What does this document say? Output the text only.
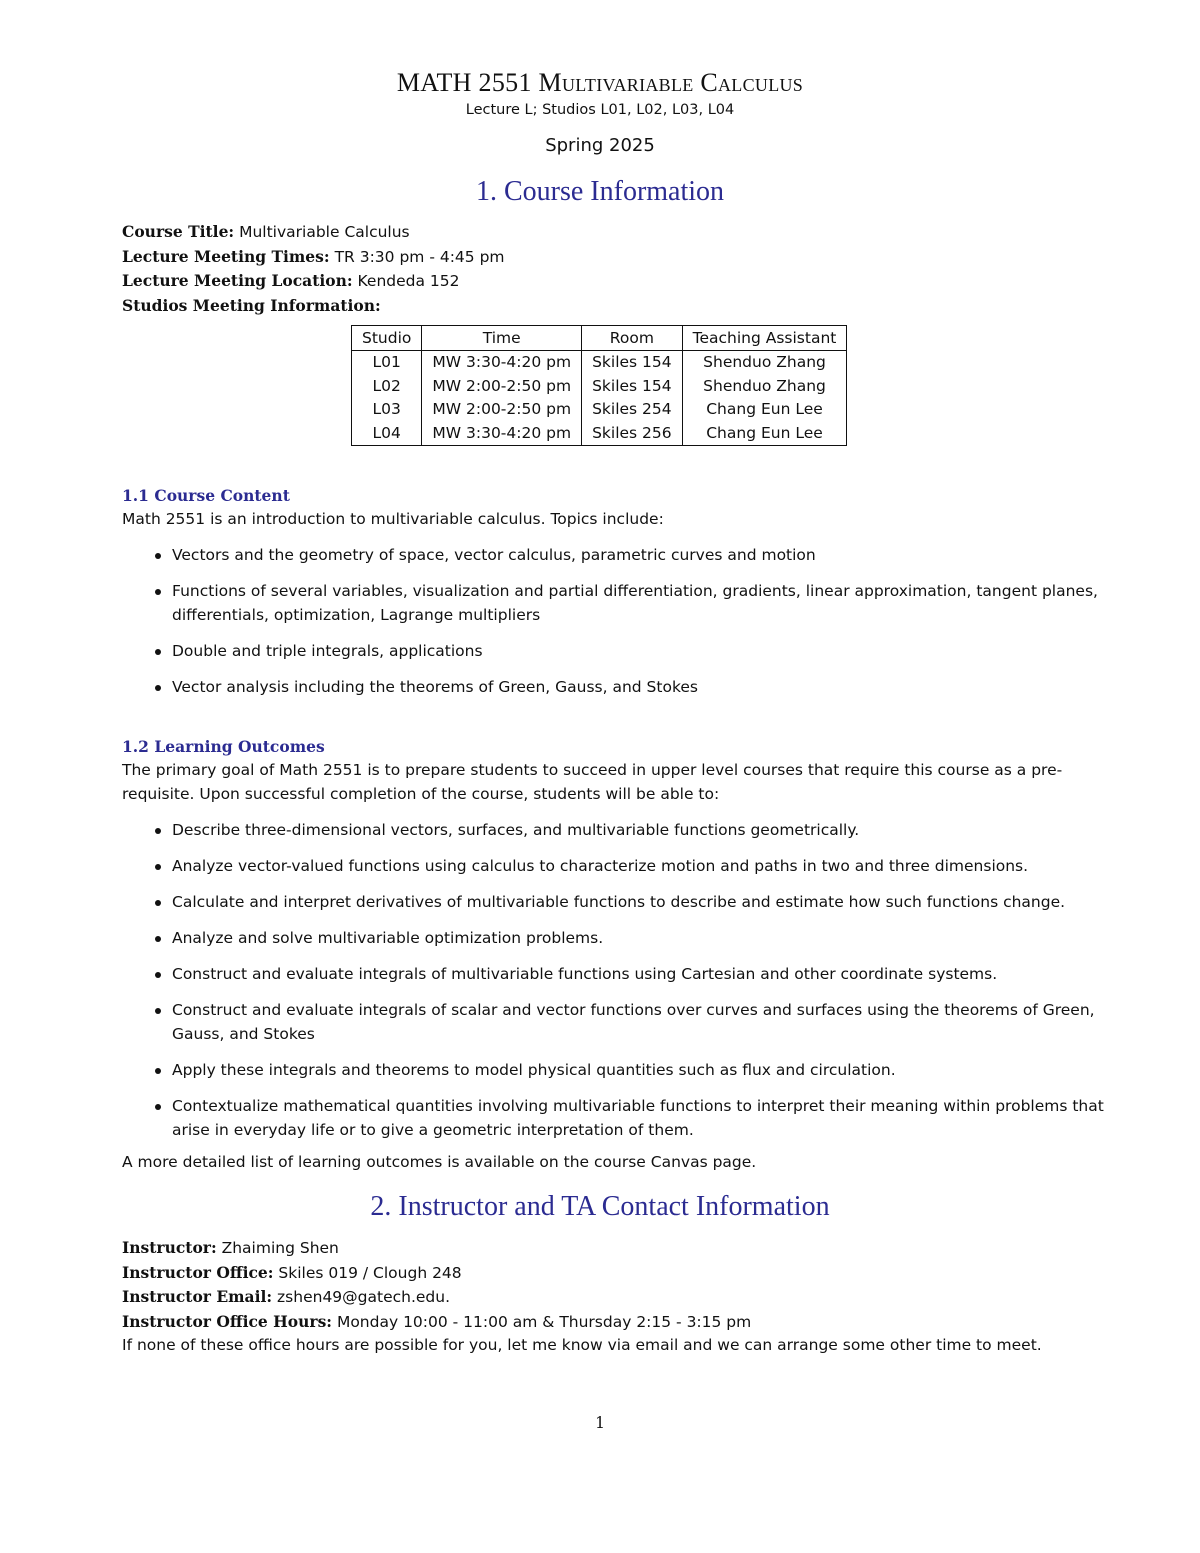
MATH 2551 Multivariable Calculus
Lecture L; Studios L01, L02, L03, L04
Spring 2025
1. Course Information
Course Title: Multivariable Calculus
Lecture Meeting Times: TR 3:30 pm - 4:45 pm
Lecture Meeting Location: Kendeda 152
Studios Meeting Information:
Studio	Time	Room	Teaching Assistant
L01	MW 3:30-4:20 pm	Skiles 154	Shenduo Zhang
L02	MW 2:00-2:50 pm	Skiles 154	Shenduo Zhang
L03	MW 2:00-2:50 pm	Skiles 254	Chang Eun Lee
L04	MW 3:30-4:20 pm	Skiles 256	Chang Eun Lee
1.1 Course Content
Math 2551 is an introduction to multivariable calculus. Topics include:
Vectors and the geometry of space, vector calculus, parametric curves and motion
Functions of several variables, visualization and partial differentiation, gradients, linear approximation, tangent planes, differentials, optimization, Lagrange multipliers
Double and triple integrals, applications
Vector analysis including the theorems of Green, Gauss, and Stokes
1.2 Learning Outcomes
The primary goal of Math 2551 is to prepare students to succeed in upper level courses that require this course as a pre-requisite. Upon successful completion of the course, students will be able to:
Describe three-dimensional vectors, surfaces, and multivariable functions geometrically.
Analyze vector-valued functions using calculus to characterize motion and paths in two and three dimensions.
Calculate and interpret derivatives of multivariable functions to describe and estimate how such functions change.
Analyze and solve multivariable optimization problems.
Construct and evaluate integrals of multivariable functions using Cartesian and other coordinate systems.
Construct and evaluate integrals of scalar and vector functions over curves and surfaces using the theorems of Green, Gauss, and Stokes
Apply these integrals and theorems to model physical quantities such as flux and circulation.
Contextualize mathematical quantities involving multivariable functions to interpret their meaning within problems that arise in everyday life or to give a geometric interpretation of them.
A more detailed list of learning outcomes is available on the course Canvas page.
2. Instructor and TA Contact Information
Instructor: Zhaiming Shen
Instructor Office: Skiles 019 / Clough 248
Instructor Email: zshen49@gatech.edu.
Instructor Office Hours: Monday 10:00 - 11:00 am & Thursday 2:15 - 3:15 pm
If none of these office hours are possible for you, let me know via email and we can arrange some other time to meet.
1
